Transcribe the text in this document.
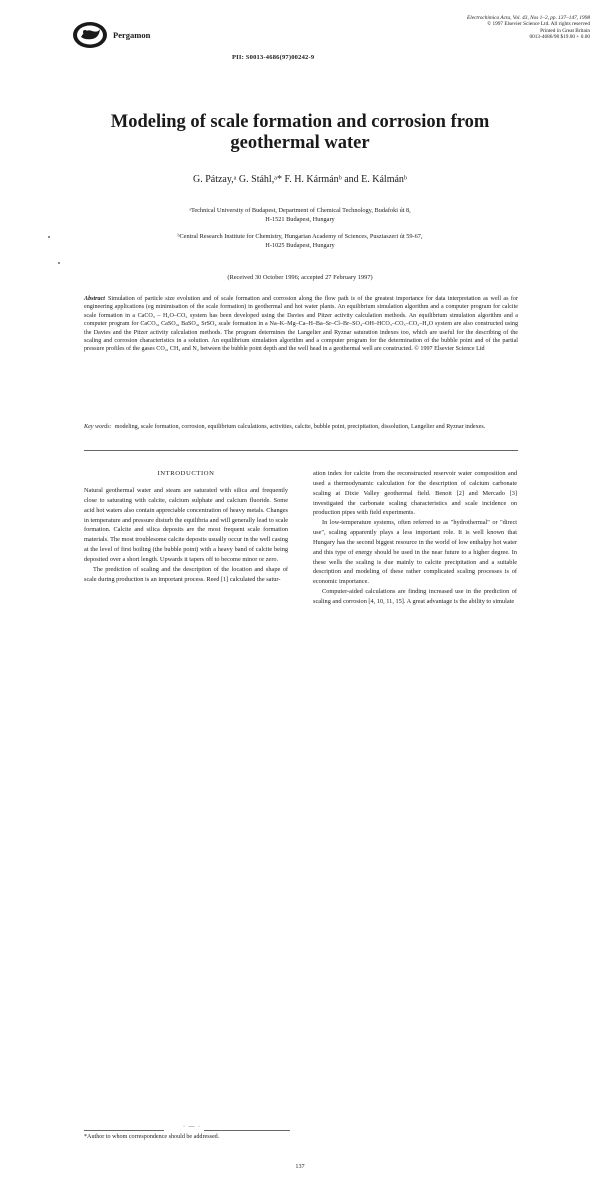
Pergamon
Electrochimica Acta, Vol. 43, Nos 1–2, pp. 137–147, 1998
© 1997 Elsevier Science Ltd. All rights reserved
Printed in Great Britain
0013-4686/98 $19.00 + 0.00
PII: S0013-4686(97)00242-9
Modeling of scale formation and corrosion from
geothermal water
G. Pátzay,ᵃ G. Stáhl,ᵃ* F. H. Kármánᵇ and E. Kálmánᵇ
ᵃTechnical University of Budapest, Department of Chemical Technology, Budafoki út 8,
H-1521 Budapest, Hungary
ᵇCentral Research Institute for Chemistry, Hungarian Academy of Sciences, Pusztaszeri út 59-67,
H-1025 Budapest, Hungary
(Received 30 October 1996; accepted 27 February 1997)
Abstract Simulation of particle size evolution and of scale formation and corrosion along the flow path is of the greatest importance for data interpretation as well as for engineering applications (eg minimisation of the scale formation) in geothermal and hot water plants. An equilibrium simulation algorithm and a computer program for calcite scale formation in a CaCO₃ – H₂O–CO₂ system has been developed using the Davies and Pitzer activity calculation methods. An equilibrium simulation algorithm and a computer program for CaCO₃, CaSO₄, BaSO₄, SrSO₄ scale formation in a Na–K–Mg–Ca–H–Ba–Sr–Cl–Br–SO₄–OH–HCO₃–CO₃–CO₂–H₂O system are also constructed using the Davies and the Pitzer activity calculation methods. The program determines the Langelier and Ryznar saturation indexes too, which are useful for the describing of the scaling and corrosion characteristics in a solution. An equilibrium simulation algorithm and a computer program for the determination of the bubble point and of the partial pressure profiles of the gases CO₂, CH₄ and N₂ between the bubble point depth and the well head in a geothermal well are constructed. © 1997 Elsevier Science Ltd
Key words: modeling, scale formation, corrosion, equilibrium calculations, activities, calcite, bubble point, precipitation, dissolution, Langelier and Ryznar indexes.
INTRODUCTION

Natural geothermal water and steam are saturated with silica and frequently close to saturating with calcite, calcium sulphate and calcium fluoride. Some acid hot waters also contain appreciable concentration of heavy metals. Changes in temperature and pressure disturb the equilibria and will generally lead to scale formation. Calcite and silica deposits are the most frequent scale formation materials. The most troublesome calcite deposits usually occur in the well casing at the level of first boiling (the bubble point) with a heavy band of calcite being deposited over a short length. Upwards it tapers off to become minor or zero.

The prediction of scaling and the description of the location and shape of scale during production is an important process. Reed [1] calculated the satur-

ation index for calcite from the reconstructed reservoir water composition and used a thermodynamic calculation for the description of calcium carbonate scaling at Dixie Valley geothermal field. Benoit [2] and Mercado [3] investigated the carbonate scaling characteristics and scale incidence on production pipes with field experiments.

In low-temperature systems, often referred to as "hydrothermal" or "direct use", scaling apparently plays a less important role. It is well known that Hungary has the second biggest resource in the world of low enthalpy hot water and this type of energy should be used in the near future to a higher degree. In these wells the scaling is due mainly to calcite precipitation and a suitable description and modeling of these rather complicated scaling processes is of economic importance.

Computer-aided calculations are finding increased use in the prediction of scaling and corrosion [4, 10, 11, 15]. A great advantage is the ability to simulate

· — ·
*Author to whom correspondence should be addressed.
137
